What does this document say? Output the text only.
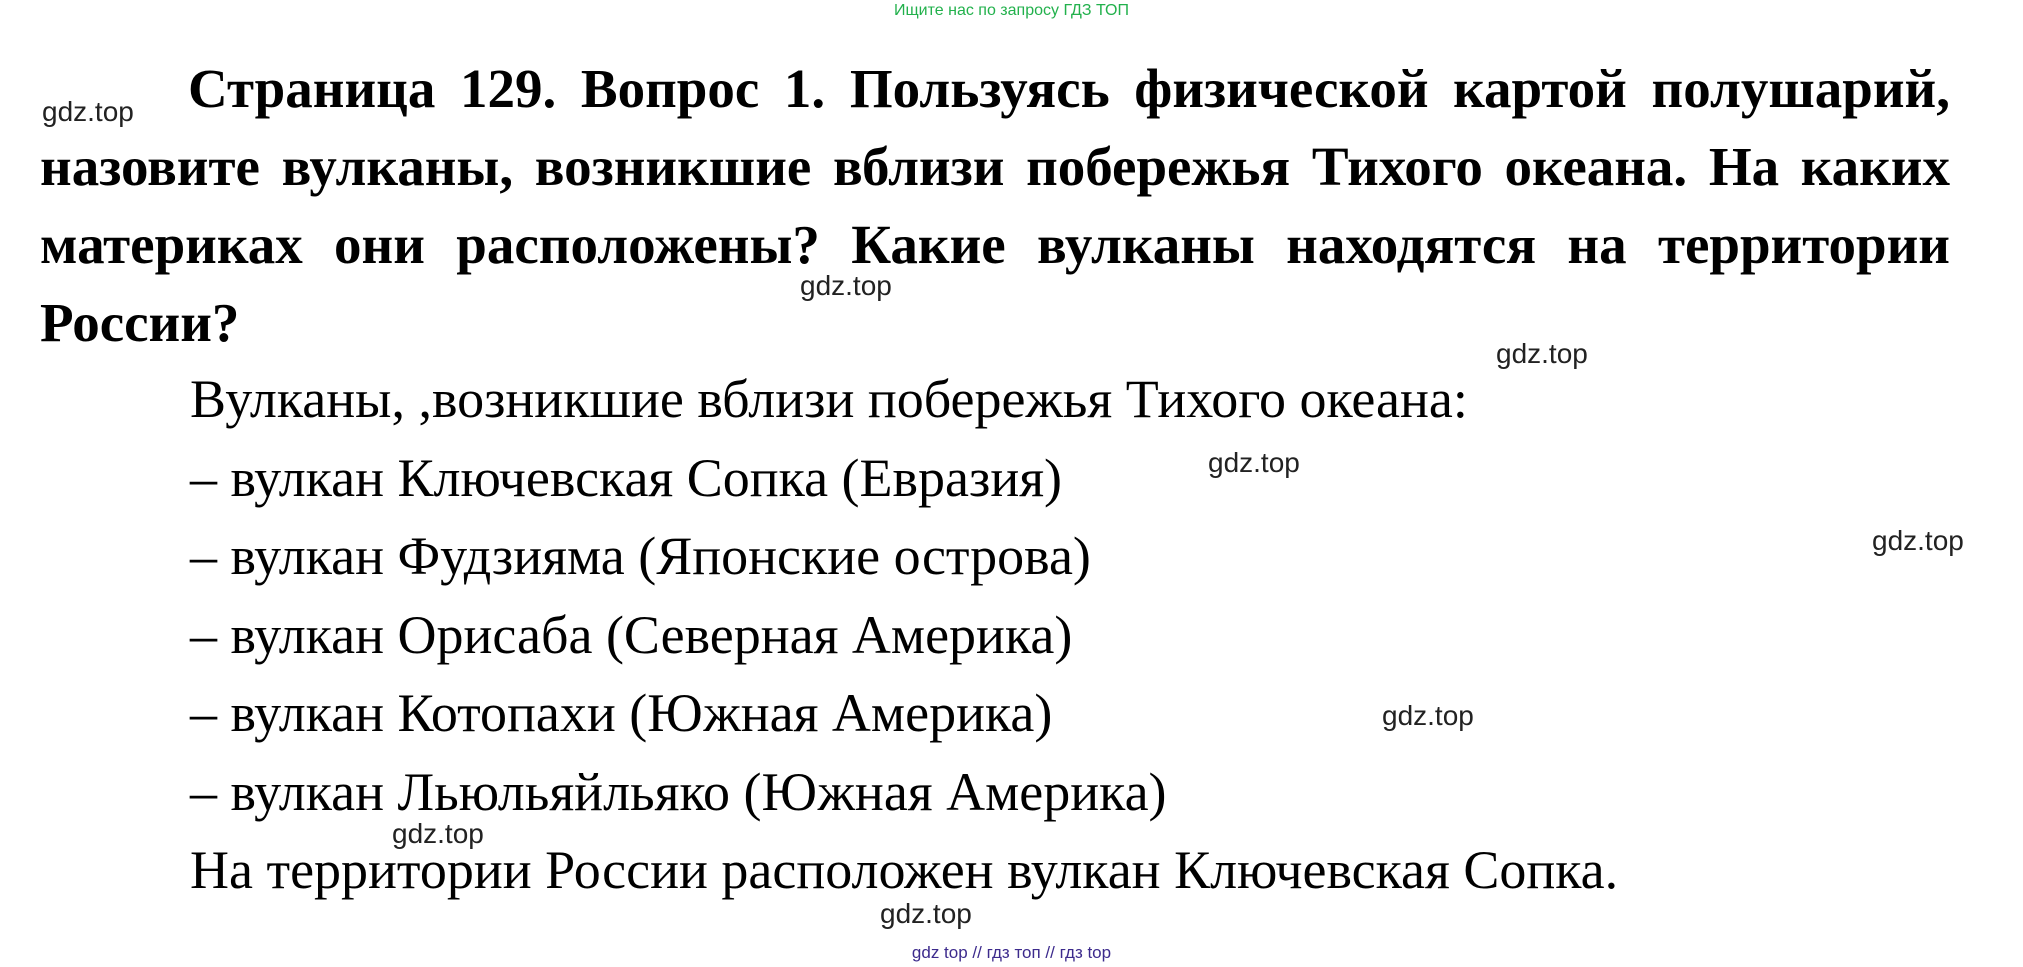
Ищите нас по запросу ГДЗ ТОП

Страница 129. Вопрос 1. Пользуясь физической картой полушарий, назовите вулканы, возникшие вблизи побережья Тихого океана. На каких материках они расположены? Какие вулканы находятся на территории России?

Вулканы, ,возникшие вблизи побережья Тихого океана:
– вулкан Ключевская Сопка (Евразия)
– вулкан Фудзияма (Японские острова)
– вулкан Орисаба (Северная Америка)
– вулкан Котопахи (Южная Америка)
– вулкан Льюльяйльяко (Южная Америка)
На территории России расположен вулкан Ключевская Сопка.
gdz.top
gdz.top
gdz.top
gdz.top
gdz.top
gdz.top
gdz.top
gdz.top
gdz top // гдз топ // гдз top
